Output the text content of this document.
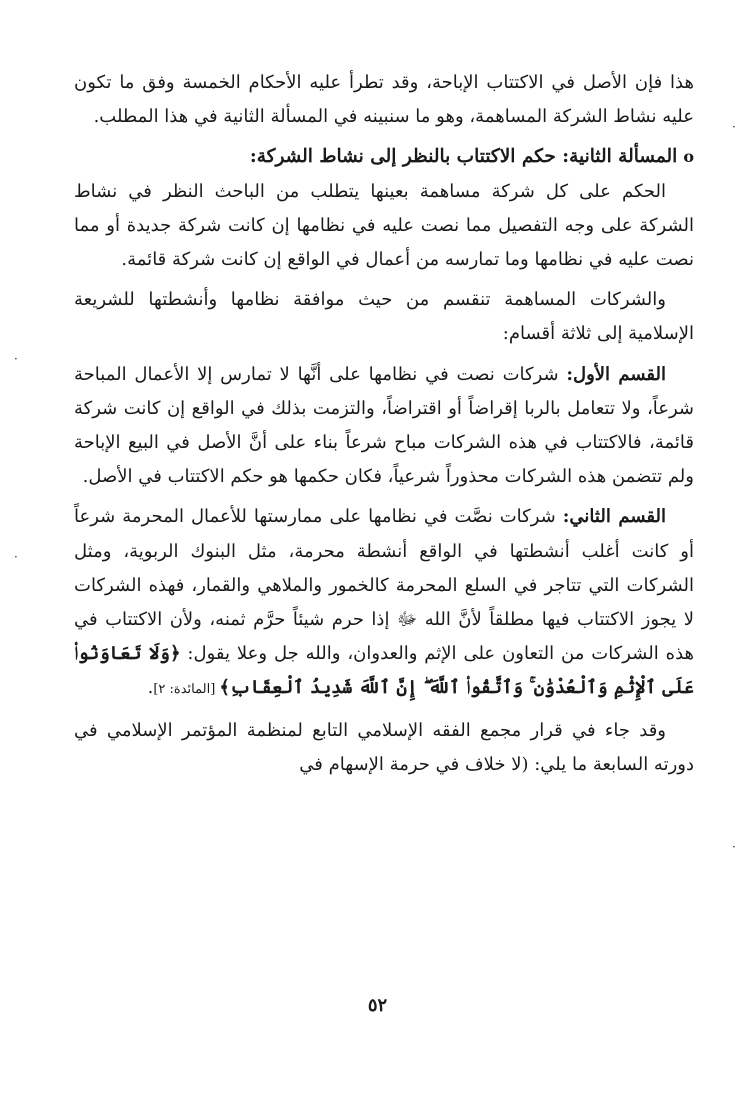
هذا فإن الأصل في الاكتتاب الإباحة، وقد تطرأ عليه الأحكام الخمسة وفق ما تكون عليه نشاط الشركة المساهمة، وهو ما سنبينه في المسألة الثانية في هذا المطلب.

oالمسألة الثانية: حكم الاكتتاب بالنظر إلى نشاط الشركة:

الحكم على كل شركة مساهمة بعينها يتطلب من الباحث النظر في نشاط الشركة على وجه التفصيل مما نصت عليه في نظامها إن كانت شركة جديدة أو مما نصت عليه في نظامها وما تمارسه من أعمال في الواقع إن كانت شركة قائمة.

والشركات المساهمة تنقسم من حيث موافقة نظامها وأنشطتها للشريعة الإسلامية إلى ثلاثة أقسام:

القسم الأول: شركات نصت في نظامها على أنَّها لا تمارس إلا الأعمال المباحة شرعاً، ولا تتعامل بالربا إقراضاً أو اقتراضاً، والتزمت بذلك في الواقع إن كانت شركة قائمة، فالاكتتاب في هذه الشركات مباح شرعاً بناء على أنَّ الأصل في البيع الإباحة ولم تتضمن هذه الشركات محذوراً شرعياً، فكان حكمها هو حكم الاكتتاب في الأصل.

القسم الثاني: شركات نصَّت في نظامها على ممارستها للأعمال المحرمة شرعاً أو كانت أغلب أنشطتها في الواقع أنشطة محرمة، مثل البنوك الربوية، ومثل الشركات التي تتاجر في السلع المحرمة كالخمور والملاهي والقمار، فهذه الشركات لا يجوز الاكتتاب فيها مطلقاً لأنَّ الله ﷻ إذا حرم شيئاً حرَّم ثمنه، ولأن الاكتتاب في هذه الشركات من التعاون على الإثم والعدوان، والله جل وعلا يقول: ﴿وَلَا تَعَاوَنُوا۟ عَلَى ٱلْإِثْمِ وَٱلْعُدْوَٰنِ ۚ وَٱتَّقُوا۟ ٱللَّهَ ۖ إِنَّ ٱللَّهَ شَدِيدُ ٱلْعِقَابِ﴾ [المائدة: ٢].

وقد جاء في قرار مجمع الفقه الإسلامي التابع لمنظمة المؤتمر الإسلامي في دورته السابعة ما يلي: (لا خلاف في حرمة الإسهام في

٥٢
·
·
·
·
